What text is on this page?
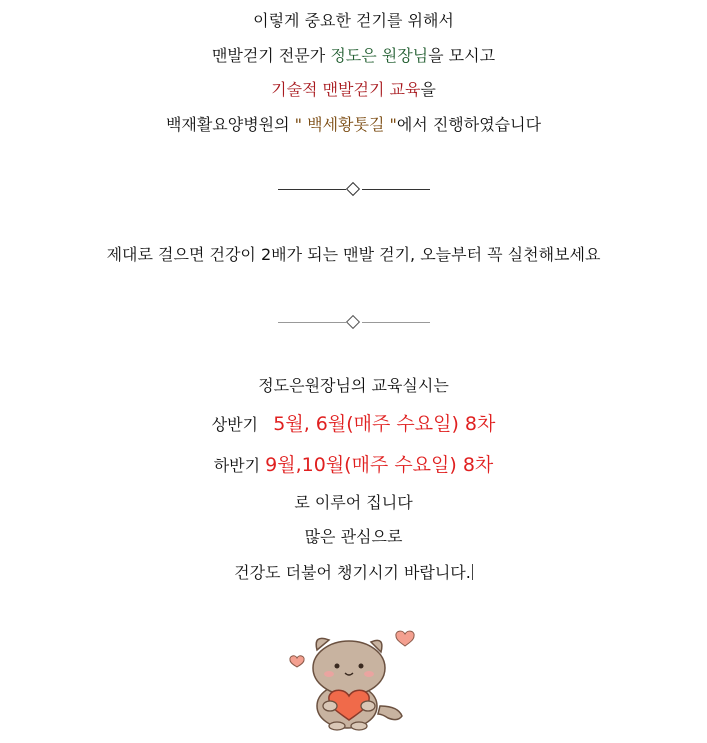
이렇게 중요한 걷기를 위해서
맨발걷기 전문가 정도은 원장님을 모시고
기술적 맨발걷기 교육을
백재활요양병원의 " 백세황톳길 "에서 진행하였습니다
제대로 걸으면 건강이 2배가 되는 맨발 걷기, 오늘부터 꼭 실천해보세요
정도은원장님의 교육실시는
상반기 5월, 6월(매주 수요일) 8차
하반기 9월,10월(매주 수요일) 8차
로 이루어 집니다
많은 관심으로
건강도 더불어 챙기시기 바랍니다.
